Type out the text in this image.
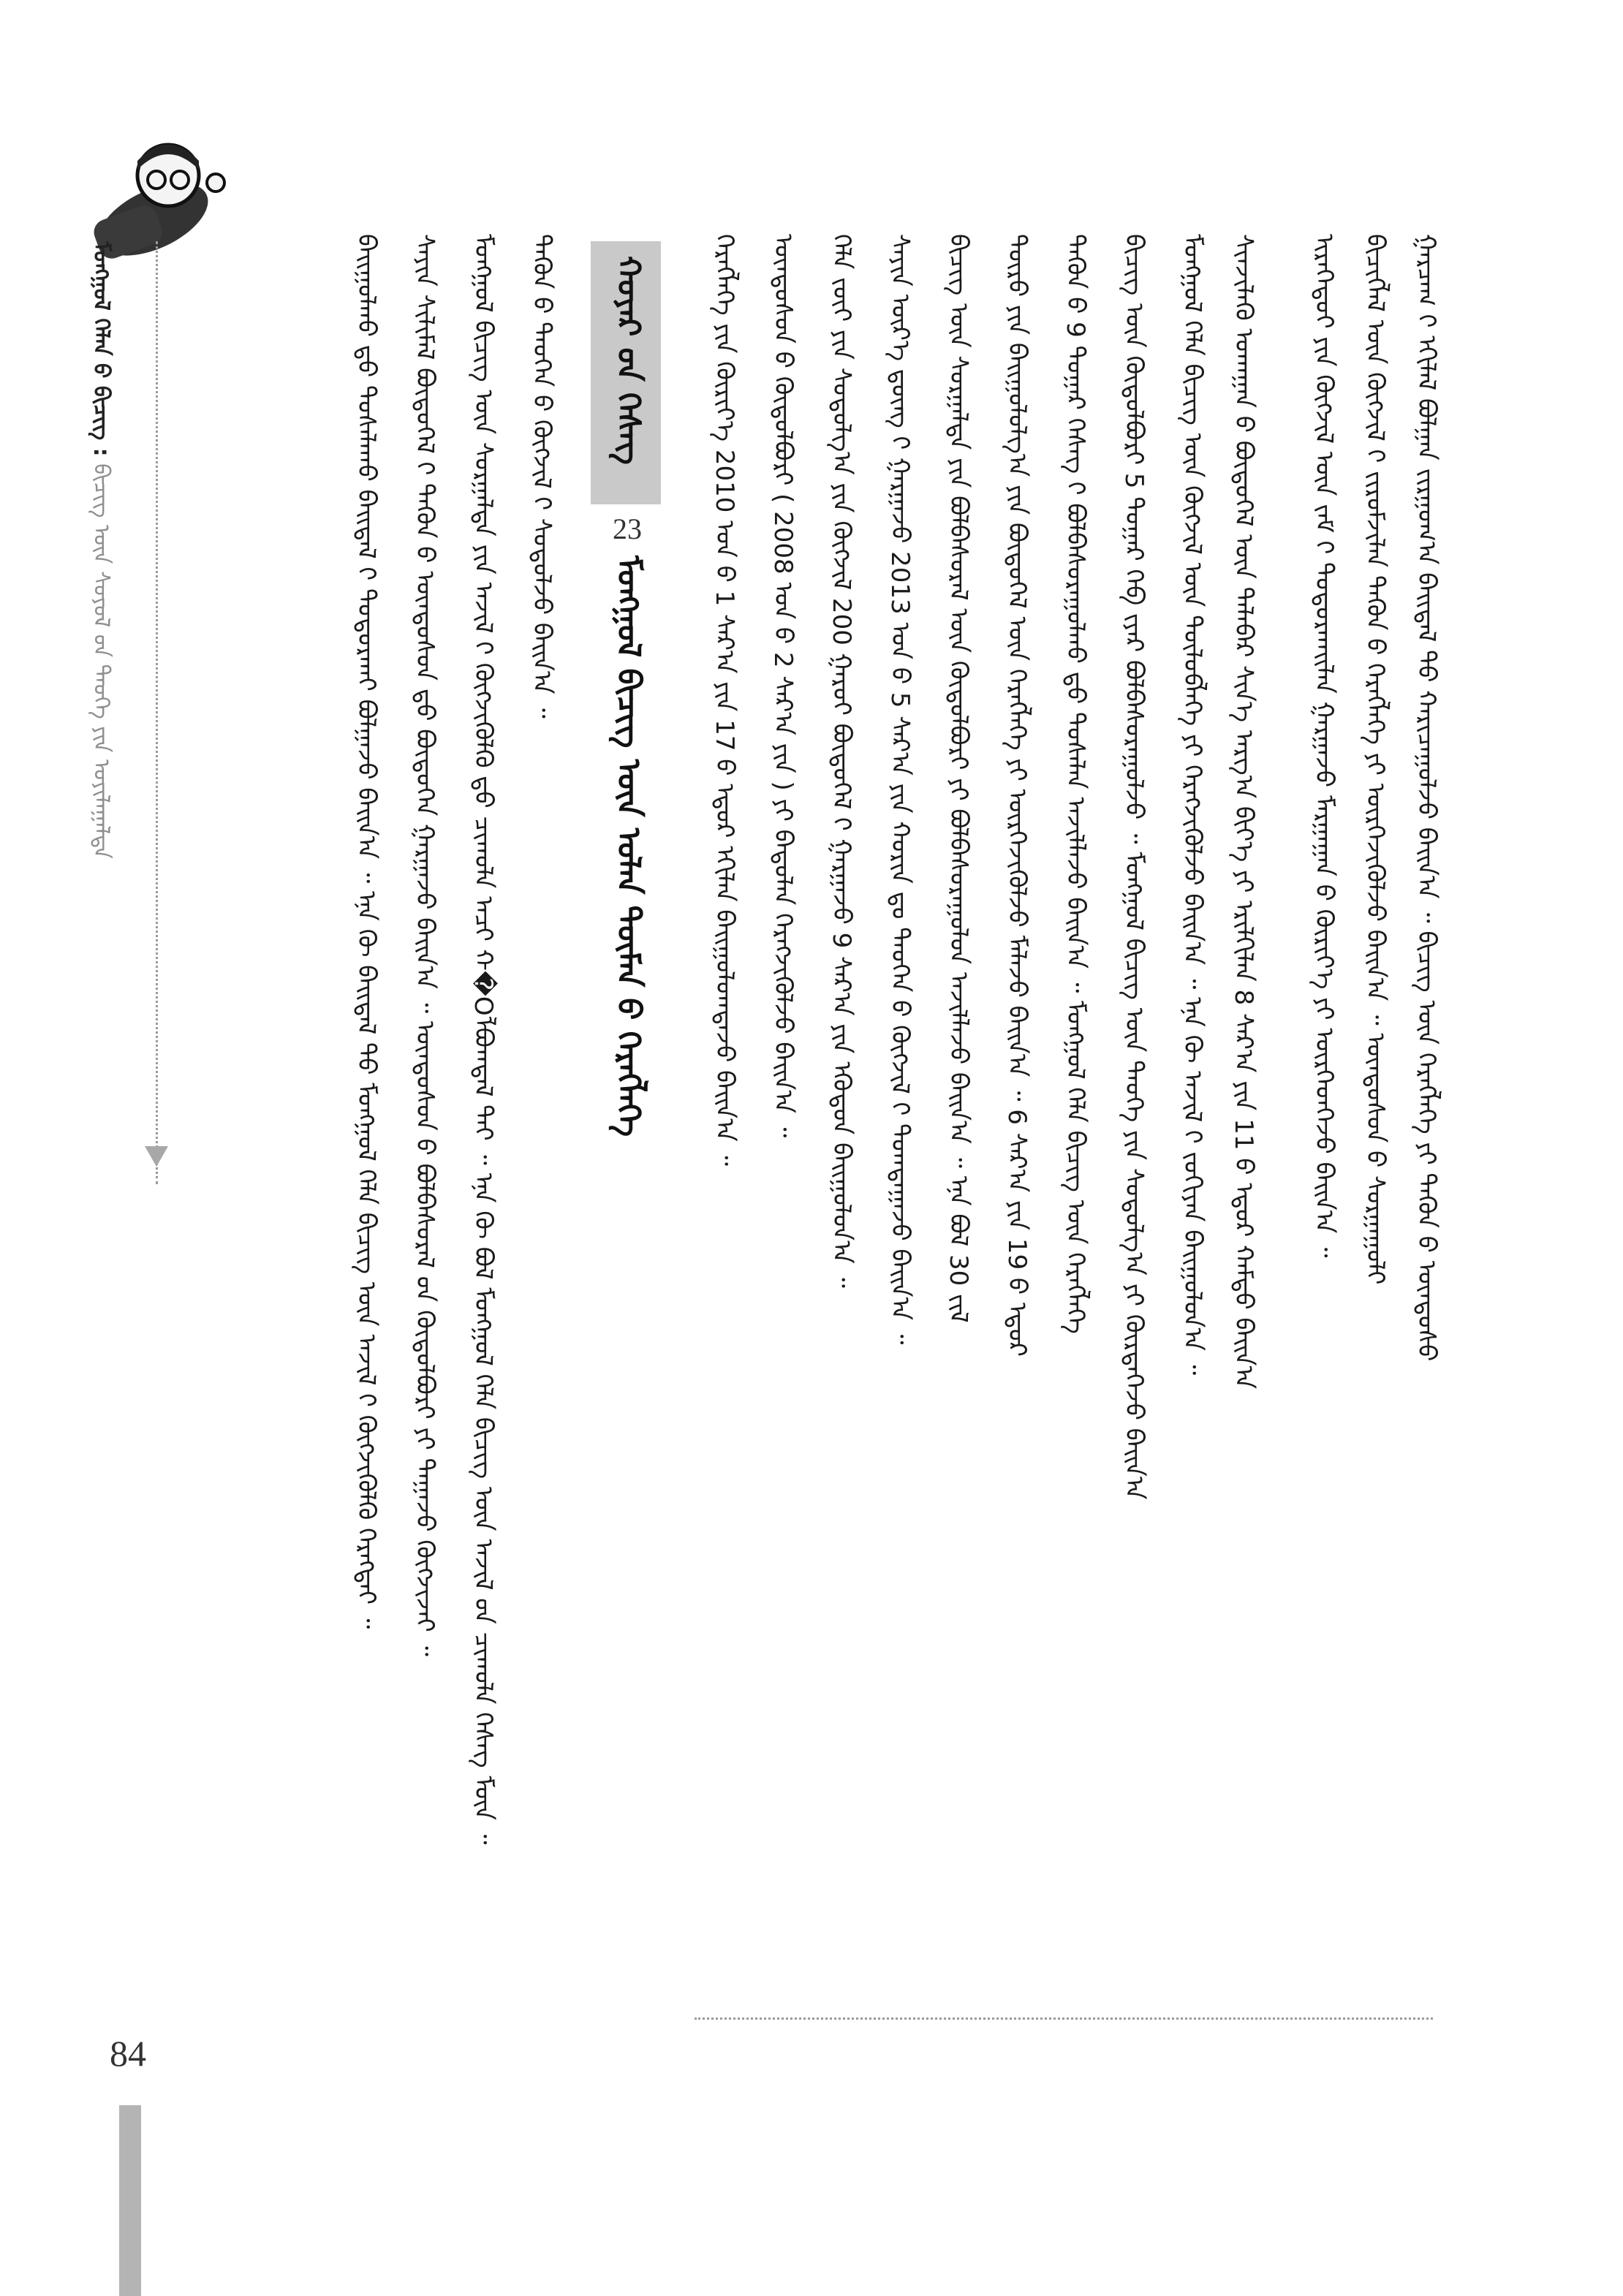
ᠮᠣᠩᠭᠣᠯ ᠬᠡᠯᠡᠨ ᠤ᠋ ᠪᠢᠴᠢᠭ : ᠪᠢᠴᠢᠭ ᠦᠨ ᠰᠣᠶᠣᠯ ᠤ᠋ᠨ ᠲᠡᠦᠬᠡ ᠶᠢᠨ ᠣᠶᠢᠯᠠᠭᠠᠯᠲᠠ	ᠲᠡᠭᠦᠨ ᠦ᠌ ᠲᠡᠦᠬᠡᠨ ᠦ᠌ ᠬᠥᠭᠵᠢᠯ ᠢ᠋ ᠰᠤᠳᠤᠯᠵᠤ ᠪᠠᠢᠨ᠎ᠠ ᠃
ᠮᠣᠩᠭᠣᠯ ᠪᠢᠴᠢᠭ ᠦᠨ ᠰᠤᠷᠭᠠᠯᠲᠠ ᠶᠢᠨ ᠠᠵᠢᠯ ᠢ᠋ ᠬᠥᠭᠵᠢᠭᠦᠯᠬᠦ ᠳ᠋ᠤ᠌ ᠴᠢᠬᠤᠯᠠ ᠠᠴᠢ ᠬ�Оᠯᠪᠣᠭᠳᠠᠯ ᠲᠠᠢ ᠃ ᠡᠨᠡ ᠬᠦ ᠪᠣᠯ ᠮᠣᠩᠭᠣᠯ ᠬᠡᠯᠡ ᠪᠢᠴᠢᠭ ᠦᠨ ᠠᠵᠢᠯ ᠤ᠋ᠨ ᠴᠢᠬᠤᠯᠠ ᠬᠡᠰᠡᠭ ᠮᠥᠨ ᠃
ᠰᠠᠶᠢᠨ ᠰᠢᠯᠢᠮᠡᠯ ᠪᠦᠲᠦᠭᠡᠯ ᠢ᠋ ᠲᠡᠭᠦᠨ ᠦ᠌ ᠦᠨᠳᠦᠰᠦᠨ ᠳ᠋ᠤ᠌ ᠪᠦᠲᠦᠭᠡᠨ ᠭᠠᠷᠭᠠᠵᠤ ᠪᠠᠢᠨ᠎ᠠ ᠃ ᠦᠨᠳᠦᠰᠦᠨ ᠦ᠌ ᠪᠣᠯᠪᠠᠰᠤᠷᠠᠯ ᠤ᠋ᠨ ᠬᠥᠲᠦᠯᠪᠦᠷᠢ ᠶᠢ ᠳᠠᠭᠠᠵᠤ ᠬᠥᠭᠵᠢᠵᠡᠢ ᠃
ᠪᠠᠢᠭᠤᠯᠬᠤ ᠳ᠋ᠤ᠌ ᠲᠤᠰᠠᠯᠠᠬᠤ ᠪᠠᠢᠳᠠᠯ ᠢ᠋ ᠲᠣᠳᠣᠷᠬᠠᠢ ᠪᠣᠯᠭᠠᠵᠤ ᠪᠠᠢᠨ᠎ᠠ ᠃ ᠡᠨᠡ ᠬᠦ ᠪᠠᠢᠳᠠᠯ ᠲᠤ᠌ ᠮᠣᠩᠭᠣᠯ ᠬᠡᠯᠡ ᠪᠢᠴᠢᠭ ᠦᠨ ᠠᠵᠢᠯ ᠢ᠋ ᠬᠥᠭᠵᠢᠭᠦᠯᠬᠦ ᠬᠡᠷᠡᠭᠲᠡᠢ ᠃	ᠬᠣᠶᠠᠷ ᠤ᠋ᠨ ᠬᠡᠰᠡᠭ
23
ᠮᠣᠩᠭᠣᠯ ᠪᠢᠴᠢᠭ ᠦᠨ ᠣᠯᠠᠨ ᠲᠦᠮᠡᠨ ᠦ᠌ ᠬᠡᠷᠡᠭᠯᠡᠭᠡ	ᠭᠠᠷᠴᠠᠭ ᠢ᠋ ᠡᠬᠢᠯᠡᠯ ᠪᠣᠯᠭᠠᠨ ᠵᠢᠷᠭᠤᠭ᠎ᠠ ᠪᠠᠢᠳᠠᠯ ᠲᠤ᠌ ᠬᠠᠷᠢᠴᠠᠭᠤᠯᠵᠤ ᠪᠠᠢᠨ᠎ᠠ ᠃ ᠪᠢᠴᠢᠭ ᠦᠨ ᠬᠡᠷᠡᠭᠯᠡᠭᠡ ᠶᠢ ᠲᠡᠭᠦᠨ ᠦ᠌ ᠦᠨᠳᠦᠰᠦ
ᠪᠢᠴᠢᠭᠯᠡᠯ ᠦᠨ ᠬᠥᠭᠵᠢᠯ ᠢ᠋ ᠵᠢᠷᠤᠮᠵᠢᠯᠠᠨ ᠲᠡᠭᠦᠨ ᠦ᠌ ᠬᠡᠷᠡᠭᠯᠡᠭᠡ ᠶᠢ ᠦᠷᠭᠡᠵᠢᠭᠦᠯᠵᠦ ᠪᠠᠢᠨ᠎ᠠ ᠃ ᠦᠨᠳᠦᠰᠦᠨ ᠦ᠌ ᠰᠤᠷᠭᠠᠭᠤᠯᠢ
ᠢᠷᠡᠭᠡᠳᠦᠢ ᠶᠢᠨ ᠬᠥᠭᠵᠢᠯ ᠦᠨ ᠵᠠᠮ ᠢ᠋ ᠲᠣᠳᠣᠷᠬᠠᠢᠯᠠᠨ ᠭᠠᠷᠭᠠᠵᠤ ᠮᠠᠷᠭᠠᠭᠠᠨ ᠤ᠋ ᠬᠦᠷᠢᠶ᠎ᠡ ᠶᠢ ᠥᠷᠭᠡᠳᠭᠡᠵᠦ ᠪᠠᠢᠨ᠎ᠠ ᠃
ᠰᠢᠨᠵᠢᠯᠡᠬᠦ ᠤᠬᠠᠭᠠᠨ ᠤ᠋ ᠪᠦᠲᠦᠭᠡᠯ ᠦᠨ ᠲᠠᠯᠠᠪᠠᠷ ᠰᠢᠨ᠎ᠡ ᠠᠷᠭ᠎ᠠ ᠪᠢᠶ᠎ᠡ ᠶᠢ ᠡᠷᠢᠯᠬᠢᠯᠡᠨ 8 ᠰᠠᠷ᠎ᠠ ᠶᠢᠨ 11 ᠦ᠌ ᠡᠳᠦᠷ ᠬᠠᠮᠲᠤ ᠪᠠᠢᠨ᠎ᠠ
ᠮᠣᠩᠭᠣᠯ ᠬᠡᠯᠡ ᠪᠢᠴᠢᠭ ᠦᠨ ᠬᠥᠭᠵᠢᠯ ᠦᠨ ᠲᠥᠯᠥᠪᠯᠡᠭᠡ ᠶᠢ ᠬᠡᠷᠡᠭᠵᠢᠭᠦᠯᠵᠦ ᠪᠠᠢᠨ᠎ᠠ ᠃ ᠡᠨᠡ ᠬᠦ ᠠᠵᠢᠯ ᠢ᠋ ᠵᠣᠬᠢᠶᠠᠨ ᠪᠠᠢᠭᠤᠯᠤᠨ᠎ᠠ ᠃
ᠪᠢᠴᠢᠭ ᠦᠨ ᠬᠥᠲᠦᠯᠪᠦᠷᠢ 5 ᠳᠤᠭᠠᠷ ᠬᠡᠪ ᠢ᠋ᠶᠡᠷ ᠪᠣᠯᠪᠠᠰᠤᠷᠠᠭᠤᠯᠵᠤ ᠃ ᠮᠣᠩᠭᠣᠯ ᠪᠢᠴᠢᠭ ᠦᠨ ᠲᠡᠦᠬᠡ ᠶᠢᠨ ᠰᠤᠳᠤᠯᠭ᠎ᠠ ᠶᠢ ᠬᠦᠷᠲᠡᠭᠡᠵᠦ ᠪᠠᠢᠨ᠎ᠠ
ᠲᠡᠭᠦᠨ ᠦ᠌ 9 ᠳᠤᠭᠠᠷ ᠬᠡᠰᠡᠭ ᠢ᠋ ᠪᠣᠯᠪᠠᠰᠤᠷᠠᠭᠤᠯᠬᠤ ᠳ᠋ᠤ᠌ ᠲᠤᠰᠠᠯᠠᠨ ᠠᠵᠢᠯᠯᠠᠵᠤ ᠪᠠᠢᠨ᠎ᠠ ᠃ ᠮᠣᠩᠭᠣᠯ ᠬᠡᠯᠡ ᠪᠢᠴᠢᠭ ᠦᠨ ᠬᠡᠷᠡᠭᠯᠡᠭᠡ
ᠲᠥᠷᠥ ᠶᠢᠨ ᠪᠠᠢᠭᠤᠯᠤᠯᠭ᠎ᠠ ᠶᠢᠨ ᠪᠦᠲᠦᠭᠡᠯ ᠦᠨ ᠬᠡᠷᠡᠭᠯᠡᠭᠡ ᠶᠢ ᠥᠷᠭᠡᠵᠢᠭᠦᠯᠵᠦ ᠮᠠᠯᠠᠵᠤ ᠪᠠᠢᠨ᠎ᠠ ᠃ 6 ᠰᠠᠷ᠎ᠠ ᠶᠢᠨ 19 ᠦ᠌ ᠡᠳᠦᠷ
ᠪᠢᠴᠢᠭ ᠦᠨ ᠰᠤᠷᠭᠠᠯᠲᠠ ᠶᠢᠨ ᠪᠣᠯᠪᠠᠰᠤᠷᠠᠯ ᠦᠨ ᠬᠥᠲᠦᠯᠪᠦᠷᠢ ᠶᠢ ᠪᠣᠯᠪᠠᠰᠤᠷᠠᠭᠤᠯᠤᠨ ᠠᠵᠢᠯᠯᠠᠵᠤ ᠪᠠᠢᠨ᠎ᠠ ᠃ ᠡᠨᠡ ᠪᠣᠯ 30 ᠵᠢᠯ
ᠰᠠᠶᠢᠨ ᠦᠷ᠎ᠡ ᠳ᠋ᠦᠩ ᠢ᠋ ᠭᠠᠷᠭᠠᠵᠤ 2013 ᠣᠨ ᠤ᠋ 5 ᠰᠠᠷ᠎ᠠ ᠶᠢᠨ ᠬᠣᠷᠢᠨ ᠳᠤ ᠲᠡᠦᠬᠡᠨ ᠦ᠌ ᠬᠥᠭᠵᠢᠯ ᠢ᠋ ᠲᠣᠭᠲᠠᠭᠠᠵᠤ ᠪᠠᠢᠨ᠎ᠠ ᠃
ᠬᠡᠯᠡ ᠵᠦᠢ ᠶᠢᠨ ᠰᠤᠳᠤᠯᠭ᠎ᠠ ᠶᠢᠨ ᠬᠥᠭᠵᠢᠯ 200 ᠭᠠᠷᠤᠢ ᠪᠦᠲᠦᠭᠡᠯ ᠢ᠋ ᠭᠠᠷᠭᠠᠵᠤ 9 ᠰᠠᠷ᠎ᠠ ᠶᠢᠨ ᠡᠭᠦᠳᠦᠨ ᠪᠠᠢᠭᠤᠯᠤᠨ᠎ᠠ ᠃
ᠦᠨᠳᠦᠰᠦᠨ ᠦ᠌ ᠬᠥᠲᠦᠯᠪᠦᠷᠢ ( 2008 ᠣᠨ ᠤ᠋ 2 ᠰᠠᠷ᠎ᠠ ᠶᠢᠨ ) ᠶᠢ ᠪᠠᠲᠤᠯᠠᠨ ᠬᠡᠷᠡᠭᠵᠢᠭᠦᠯᠵᠦ ᠪᠠᠢᠨ᠎ᠠ ᠃
ᠬᠡᠷᠡᠭᠯᠡᠭᠡ ᠶᠢᠨ ᠬᠦᠷᠢᠶ᠎ᠡ 2010 ᠣᠨ ᠤ᠋ 1 ᠰᠠᠷ᠎ᠠ ᠶᠢᠨ 17 ᠦ᠌ ᠡᠳᠦᠷ ᠡᠬᠢᠯᠡᠨ ᠪᠠᠢᠭᠤᠯᠤᠭᠳᠠᠵᠤ ᠪᠠᠢᠨ᠎ᠠ ᠃
84
